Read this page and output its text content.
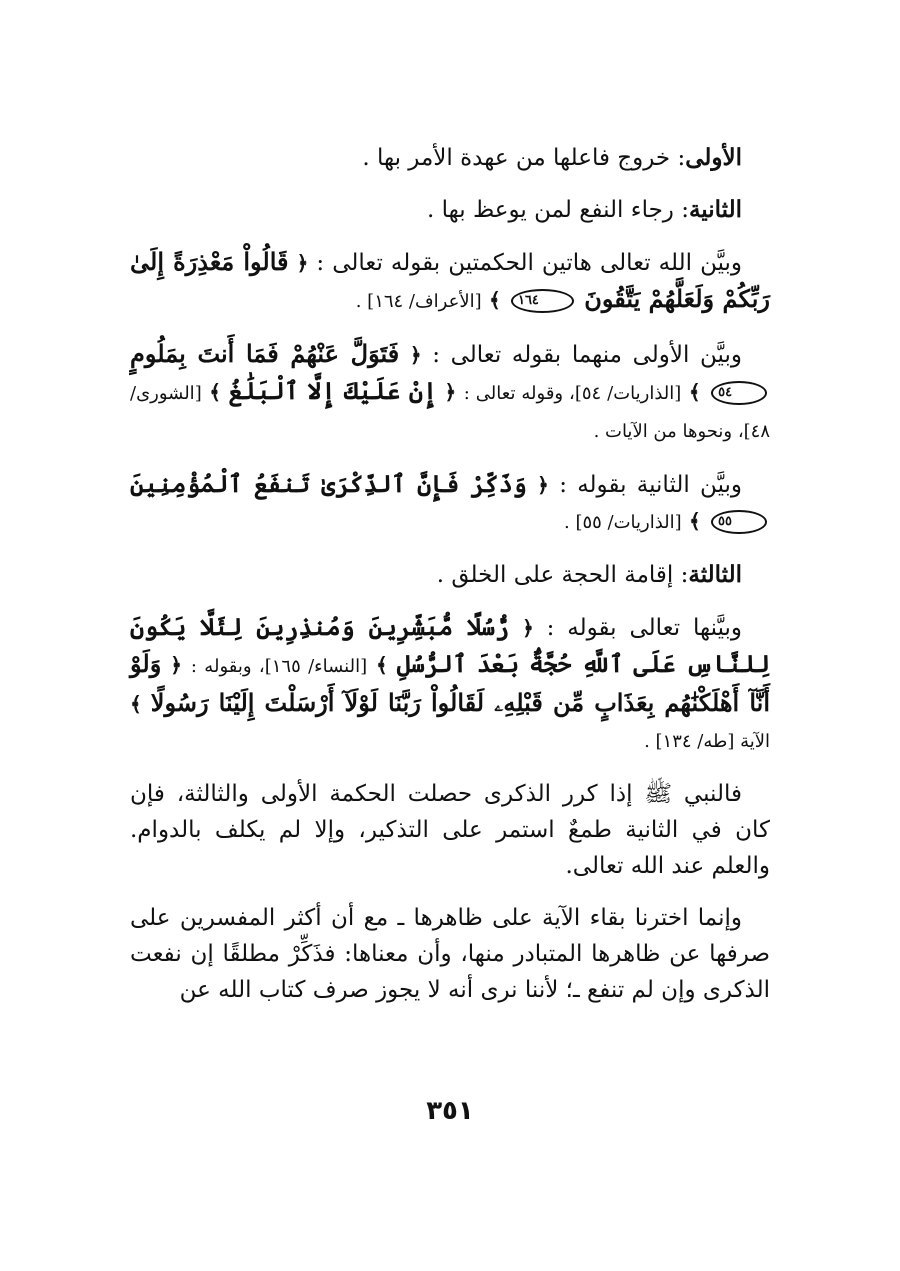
الأولى: خروج فاعلها من عهدة الأمر بها .

الثانية: رجاء النفع لمن يوعظ بها .

وبيَّن الله تعالى هاتين الحكمتين بقوله تعالى : ﴿ قَالُواْ مَعْذِرَةً إِلَىٰ رَبِّكُمْ وَلَعَلَّهُمْ يَتَّقُونَ ١٦٤ ﴾ [الأعراف/ ١٦٤] .

وبيَّن الأولى منهما بقوله تعالى : ﴿ فَتَوَلَّ عَنْهُمْ فَمَا أَنتَ بِمَلُومٍ ٥٤ ﴾ [الذاريات/ ٥٤]، وقوله تعالى : ﴿ إِنْ عَلَيْكَ إِلَّا ٱلْبَلَٰغُ ﴾ [الشورى/ ٤٨]، ونحوها من الآيات .

وبيَّن الثانية بقوله : ﴿ وَذَكِّرْ فَإِنَّ ٱلذِّكْرَىٰ تَنفَعُ ٱلْمُؤْمِنِينَ ٥٥ ﴾ [الذاريات/ ٥٥] .

الثالثة: إقامة الحجة على الخلق .

وبيَّنها تعالى بقوله : ﴿ رُّسُلًا مُّبَشِّرِينَ وَمُنذِرِينَ لِئَلَّا يَكُونَ لِلنَّاسِ عَلَى ٱللَّهِ حُجَّةٌۢ بَعْدَ ٱلرُّسُلِ ﴾ [النساء/ ١٦٥]، وبقوله : ﴿ وَلَوْ أَنَّآ أَهْلَكْنَٰهُم بِعَذَابٍ مِّن قَبْلِهِۦ لَقَالُواْ رَبَّنَا لَوْلَآ أَرْسَلْتَ إِلَيْنَا رَسُولًا ﴾ الآية [طه/ ١٣٤] .

فالنبي ﷺ إذا كرر الذكرى حصلت الحكمة الأولى والثالثة، فإن كان في الثانية طمعٌ استمر على التذكير، وإلا لم يكلف بالدوام. والعلم عند الله تعالى.

وإنما اخترنا بقاء الآية على ظاهرها ـ مع أن أكثر المفسرين على صرفها عن ظاهرها المتبادر منها، وأن معناها: فذَكِّرْ مطلقًا إن نفعت الذكرى وإن لم تنفع ـ؛ لأننا نرى أنه لا يجوز صرف كتاب الله عن

٣٥١
